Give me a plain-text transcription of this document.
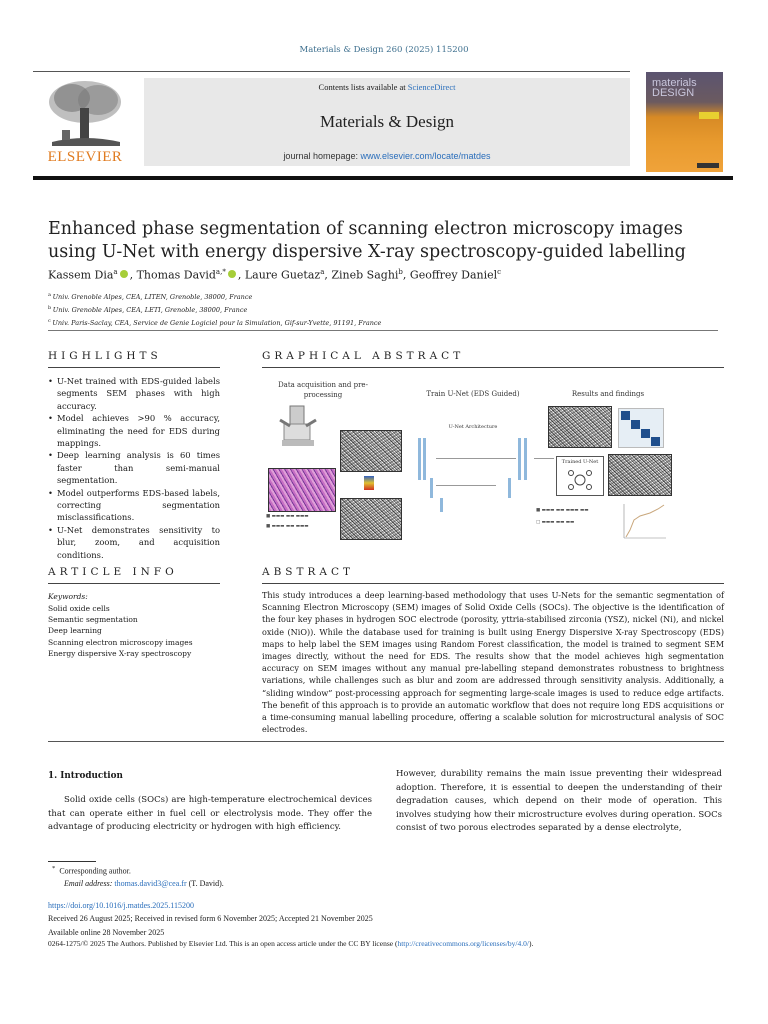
Materials & Design 260 (2025) 115200
ELSEVIER
Contents lists available at ScienceDirect
Materials & Design
journal homepage: www.elsevier.com/locate/matdes
materials
DESIGN
Enhanced phase segmentation of scanning electron microscopy images using U-Net with energy dispersive X-ray spectroscopy-guided labelling
Kassem Dia$^a$ , Thomas David$^{a,*}$ , Laure Guetaz$^a$, Zineb Saghi$^b$, Geoffrey Daniel$^c$
$^a$ Univ. Grenoble Alpes, CEA, LITEN, Grenoble, 38000, France
$^b$ Univ. Grenoble Alpes, CEA, LETI, Grenoble, 38000, France
$^c$ Univ. Paris-Saclay, CEA, Service de Genie Logiciel pour la Simulation, Gif-sur-Yvette, 91191, France
HIGHLIGHTS
• U-Net trained with EDS-guided labels segments SEM phases with high accuracy.
• Model achieves >90 % accuracy, eliminating the need for EDS during mappings.
• Deep learning analysis is 60 times faster than semi-manual segmentation.
• Model outperforms EDS-based labels, correcting segmentation misclassifications.
• U-Net demonstrates sensitivity to blur, zoom, and acquisition conditions.
GRAPHICAL ABSTRACT
Data acquisition and pre-processing	Train U-Net (EDS Guided)
U-Net Architecture
Results and findings
■ ▬▬▬ ▬▬ ▬▬▬
■ ▬▬▬ ▬▬ ▬▬▬
Trained U-Net
■ ▬▬▬ ▬▬ ▬▬▬ ▬▬
□ ▬▬▬ ▬▬ ▬▬
ARTICLE INFO
Keywords:
Solid oxide cells
Semantic segmentation
Deep learning
Scanning electron microscopy images
Energy dispersive X-ray spectroscopy
ABSTRACT
This study introduces a deep learning-based methodology that uses U-Nets for the semantic segmentation of Scanning Electron Microscopy (SEM) images of Solid Oxide Cells (SOCs). The objective is the identification of the four key phases in hydrogen SOC electrode (porosity, yttria-stabilised zirconia (YSZ), nickel (Ni), and nickel oxide (NiO)). While the database used for training is built using Energy Dispersive X-ray Spectroscopy (EDS) maps to help label the SEM images using Random Forest classification, the model is trained to segment SEM images directly, without the need for EDS. The results show that the model achieves high segmentation accuracy on SEM images without any manual pre-labelling stepand demonstrates robustness to brightness variations, while challenges such as blur and zoom are addressed through sensitivity analysis. Additionally, a “sliding window” post-processing approach for segmenting large-scale images is used to reduce edge artifacts. The benefit of this approach is to provide an automatic workflow that does not require long EDS acquisitions or a time-consuming manual labelling procedure, offering a scalable solution for microstructural analysis of SOC electrodes.
1. Introduction
Solid oxide cells (SOCs) are high-temperature electrochemical devices that can operate either in fuel cell or electrolysis mode. They offer the advantage of producing electricity or hydrogen with high efficiency.
However, durability remains the main issue preventing their widespread adoption. Therefore, it is essential to deepen the understanding of their degradation causes, which depend on their mode of operation. This involves studying how their microstructure evolves during operation. SOCs consist of two porous electrodes separated by a dense electrolyte,
* Corresponding author.
Email address: thomas.david3@cea.fr (T. David).
https://doi.org/10.1016/j.matdes.2025.115200
Received 26 August 2025; Received in revised form 6 November 2025; Accepted 21 November 2025
Available online 28 November 2025
0264-1275/© 2025 The Authors. Published by Elsevier Ltd. This is an open access article under the CC BY license (http://creativecommons.org/licenses/by/4.0/).
